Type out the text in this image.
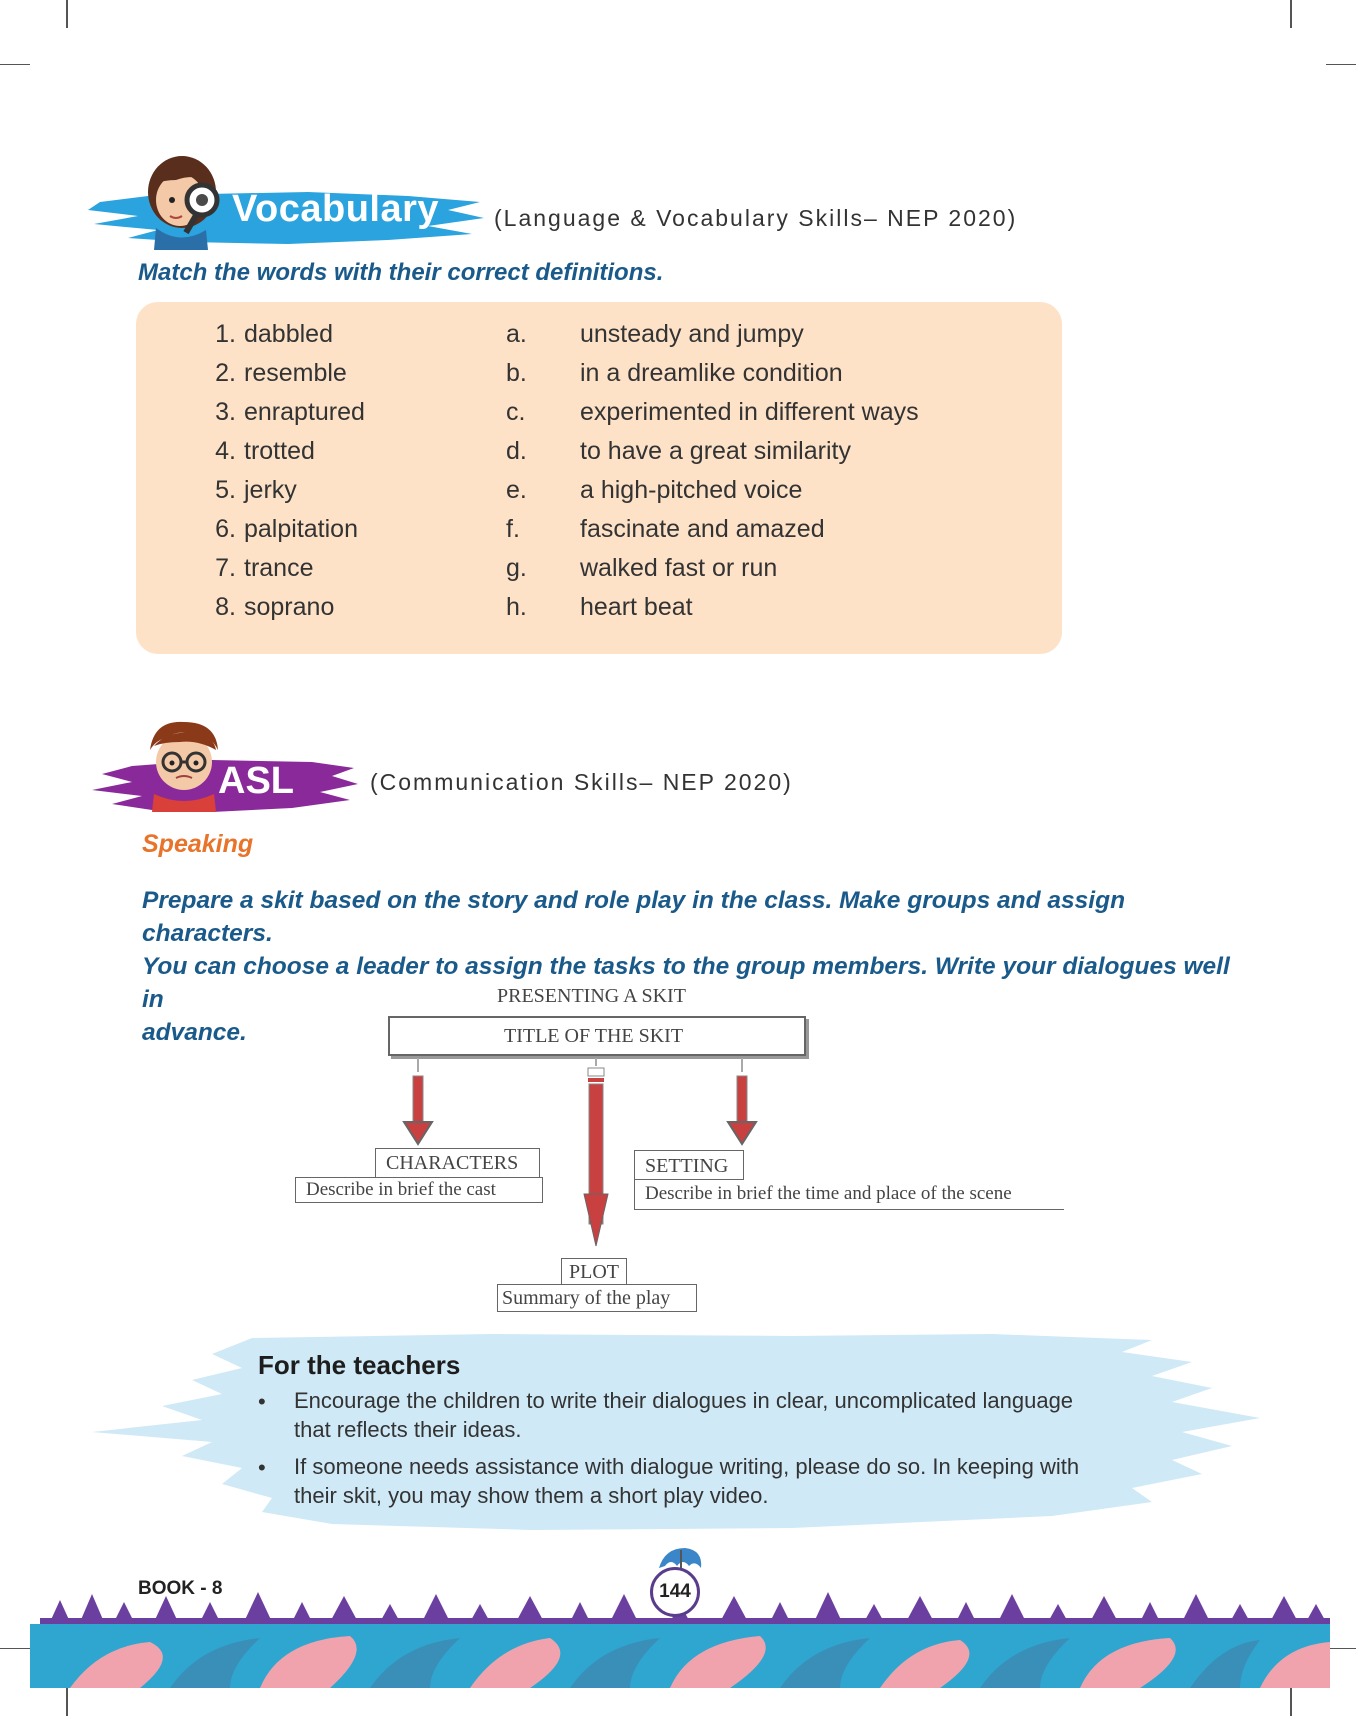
Vocabulary (Language & Vocabulary Skills– NEP 2020)
Match the words with their correct definitions.
1. dabbled	a. unsteady and jumpy
2. resemble	b. in a dreamlike condition
3. enraptured	c. experimented in different ways
4. trotted	d. to have a great similarity
5. jerky	e. a high-pitched voice
6. palpitation	f. fascinate and amazed
7. trance	g. walked fast or run
8. soprano	h. heart beat
ASL	(Communication Skills– NEP 2020)
Speaking
Prepare a skit based on the story and role play in the class. Make groups and assign characters.
You can choose a leader to assign the tasks to the group members. Write your dialogues well in
advance.
PRESENTING A SKIT
TITLE OF THE SKIT
CHARACTERS
Describe in brief the cast
SETTING
Describe in brief the time and place of the scene
PLOT
Summary of the play
For the teachers
• Encourage the children to write their dialogues in clear, uncomplicated language
that reflects their ideas.
• If someone needs assistance with dialogue writing, please do so. In keeping with
their skit, you may show them a short play video.
BOOK - 8	144
